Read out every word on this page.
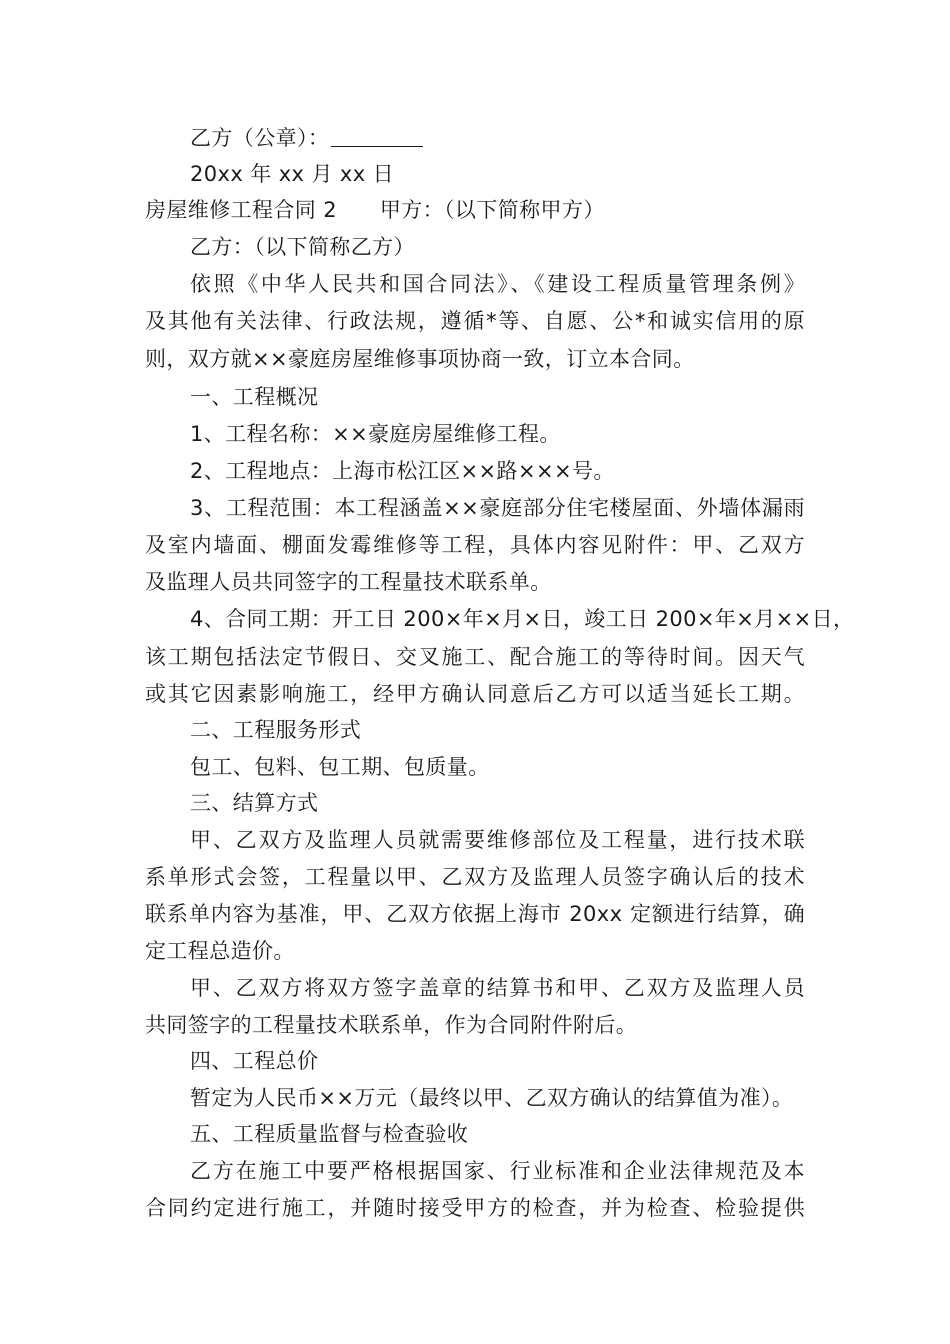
乙方（公章）：
20xx 年 xx 月 xx 日
房屋维修工程合同 2　　甲方：（以下简称甲方）
乙方：（以下简称乙方）
依照《中华人民共和国合同法》、《建设工程质量管理条例》
及其他有关法律、行政法规，遵循*等、自愿、公*和诚实信用的原
则，双方就××豪庭房屋维修事项协商一致，订立本合同。
一、工程概况
1、工程名称：××豪庭房屋维修工程。
2、工程地点：上海市松江区××路×××号。
3、工程范围：本工程涵盖××豪庭部分住宅楼屋面、外墙体漏雨
及室内墙面、棚面发霉维修等工程，具体内容见附件：甲、乙双方
及监理人员共同签字的工程量技术联系单。
4、合同工期：开工日 200×年×月×日，竣工日 200×年×月××日，
该工期包括法定节假日、交叉施工、配合施工的等待时间。因天气
或其它因素影响施工，经甲方确认同意后乙方可以适当延长工期。
二、工程服务形式
包工、包料、包工期、包质量。
三、结算方式
甲、乙双方及监理人员就需要维修部位及工程量，进行技术联
系单形式会签，工程量以甲、乙双方及监理人员签字确认后的技术
联系单内容为基准，甲、乙双方依据上海市 20xx 定额进行结算，确
定工程总造价。
甲、乙双方将双方签字盖章的结算书和甲、乙双方及监理人员
共同签字的工程量技术联系单，作为合同附件附后。
四、工程总价
暂定为人民币××万元（最终以甲、乙双方确认的结算值为准）。
五、工程质量监督与检查验收
乙方在施工中要严格根据国家、行业标准和企业法律规范及本
合同约定进行施工，并随时接受甲方的检查，并为检查、检验提供
